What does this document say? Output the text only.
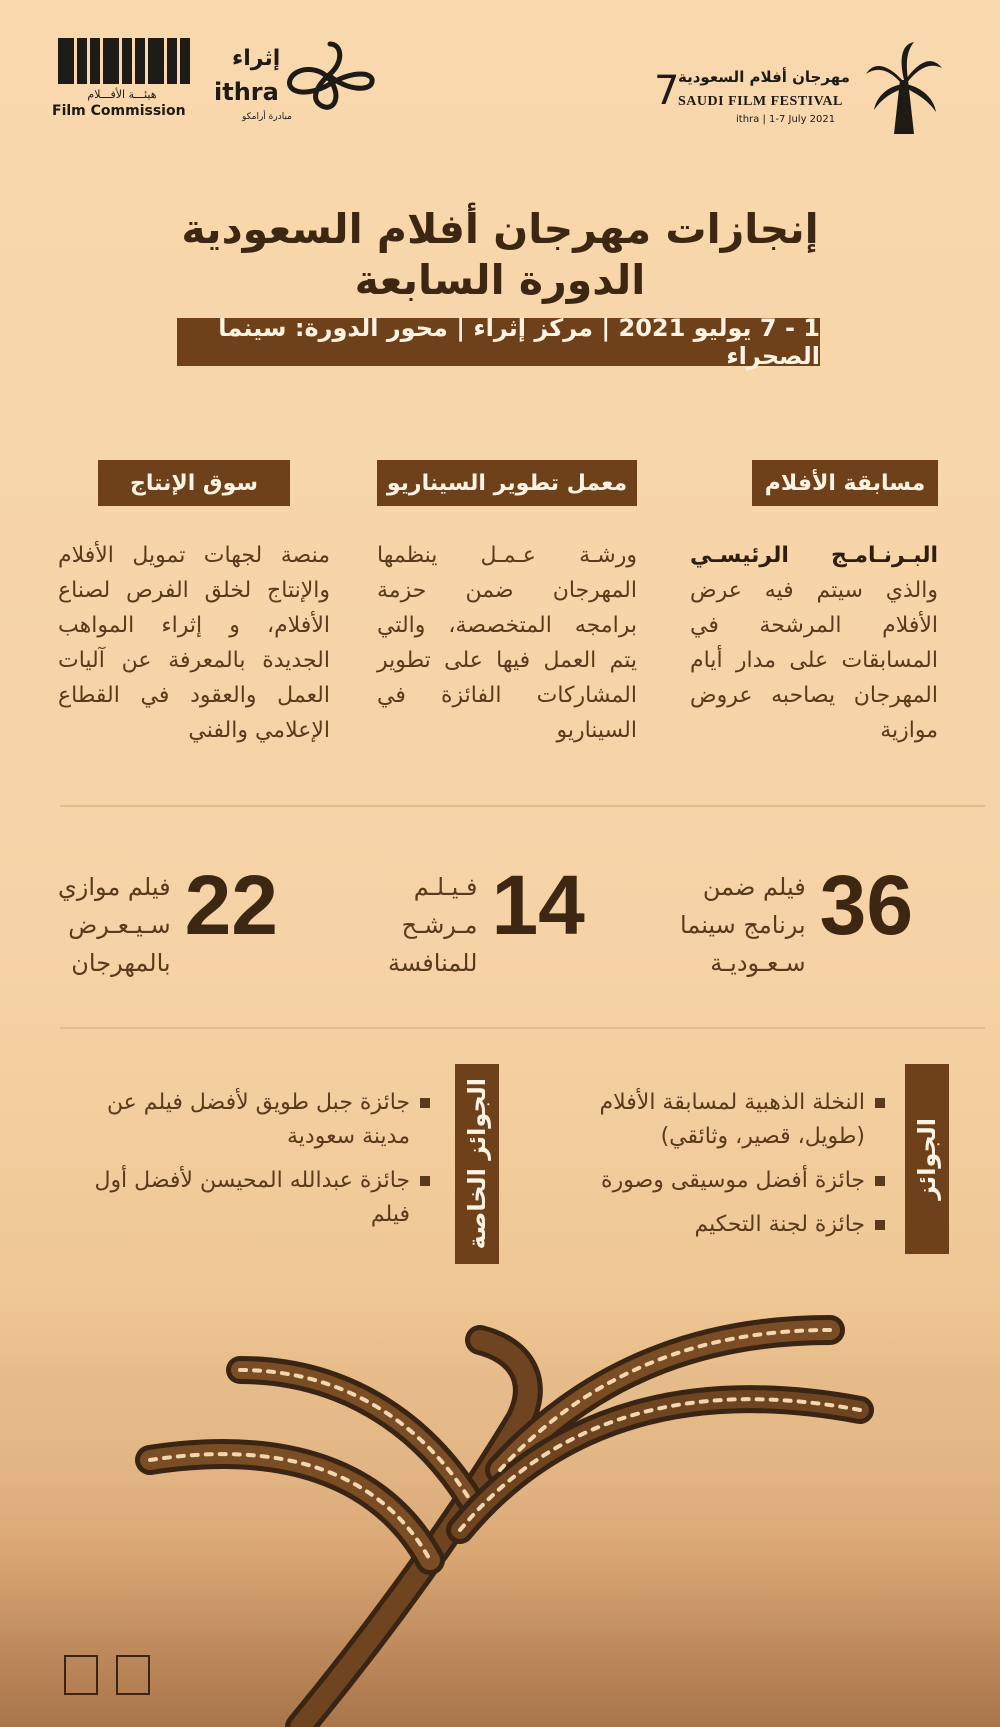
هيئـــة الأفـــلام
Film Commission
إثراء
ithra
مبادرة أرامكو
7
مهرجان أفلام السعودية
SAUDI FILM FESTIVAL
ithra | 1-7 July 2021
إنجازات مهرجان أفلام السعودية
الدورة السابعة
1 - 7 يوليو 2021 | مركز إثراء | محور الدورة: سينما الصحراء
مسابقة الأفلام
البـرنـامـج الرئيسـي والذي سيتم فيه عرض الأفلام المرشحة في المسابقات على مدار أيام المهرجان يصاحبه عروض موازية
معمل تطوير السيناريو
ورشـة عـمـل ينظمها المهرجان ضمن حزمة برامجه المتخصصة، والتي يتم العمل فيها على تطوير المشاركات الفائزة في السيناريو
سوق الإنتاج
منصة لجهات تمويل الأفلام والإنتاج لخلق الفرص لصناع الأفلام، و إثراء المواهب الجديدة بالمعرفة عن آليات العمل والعقود في القطاع الإعلامي والفني
36
فيلم ضمن
برنامج سينما
سـعـوديـة
14
فـيـلـم
مـرشـح
للمنافسة
22
فيلم موازي
سـيـعـرض
بالمهرجان
الجوائز
النخلة الذهبية لمسابقة الأفلام (طويل، قصير، وثائقي)
جائزة أفضل موسيقى وصورة
جائزة لجنة التحكيم
الجوائز الخاصة
جائزة جبل طويق لأفضل فيلم عن مدينة سعودية
جائزة عبدالله المحيسن لأفضل أول فيلم
